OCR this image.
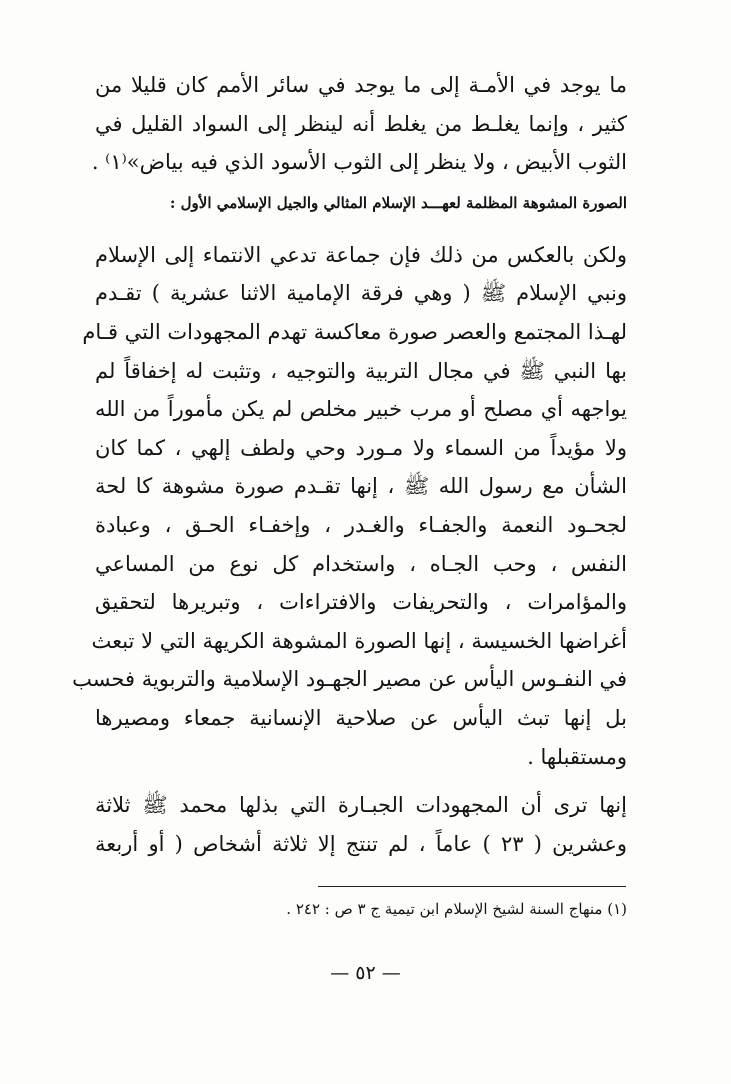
ما يوجد في الأمـة إلى ما يوجد في سائر الأمم كان قليلا من
كثير ، وإنما يغلـط من يغلط أنه لينظر إلى السواد القليل في
الثوب الأبيض ، ولا ينظر إلى الثوب الأسود الذي فيه بياض»⁽١⁾ .
الصورة المشوهة المظلمة لعهـــد الإسلام المثالي والجيل الإسلامي الأول :
ولكن بالعكس من ذلك فإن جماعة تدعي الانتماء إلى الإسلام
ونبي الإسلام ﷺ ( وهي فرقة الإمامية الاثنا عشرية ) تقـدم
لهـذا المجتمع والعصر صورة معاكسة تهدم المجهودات التي قـام
بها النبي ﷺ في مجال التربية والتوجيه ، وتثبت له إخفاقاً لم
يواجهه أي مصلح أو مرب خبير مخلص لم يكن مأموراً من الله
ولا مؤيداً من السماء ولا مـورد وحي ولطف إلهي ، كما كان
الشأن مع رسول الله ﷺ ، إنها تقـدم صورة مشوهة كا لحة
لجحـود النعمة والجفـاء والغـدر ، وإخفـاء الحـق ، وعبادة
النفس ، وحب الجـاه ، واستخدام كل نوع من المساعي
والمؤامرات ، والتحريفات والافتراءات ، وتبريرها لتحقيق
أغراضها الخسيسة ، إنها الصورة المشوهة الكريهة التي لا تبعث
في النفـوس اليأس عن مصير الجهـود الإسلامية والتربوية فحسب
بل إنها تبث اليأس عن صلاحية الإنسانية جمعاء ومصيرها
ومستقبلها .
إنها ترى أن المجهودات الجبـارة التي بذلها محمد ﷺ ثلاثة
وعشرين ( ٢٣ ) عاماً ، لم تنتج إلا ثلاثة أشخاص ( أو أربعة
(١) منهاج السنة لشيخ الإسلام ابن تيمية ج ٣ ص : ٢٤٢ .
— ٥٢ —
